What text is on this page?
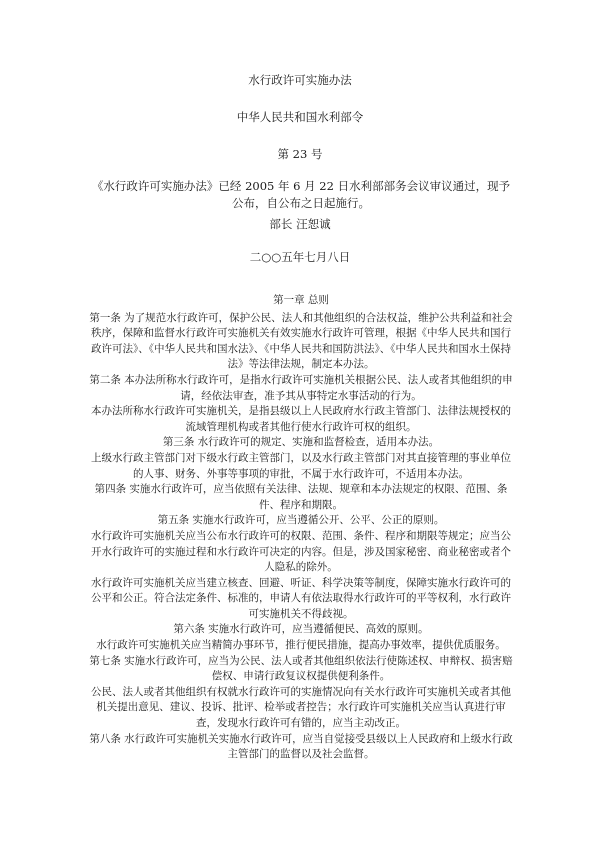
水行政许可实施办法
中华人民共和国水利部令
第 23 号
《水行政许可实施办法》已经 2005 年 6 月 22 日水利部部务会议审议通过，现予公布，自公布之日起施行。
部长 汪恕诚
二○○五年七月八日

第一章 总则

第一条 为了规范水行政许可，保护公民、法人和其他组织的合法权益，维护公共利益和社会秩序，保障和监督水行政许可实施机关有效实施水行政许可管理，根据《中华人民共和国行政许可法》、《中华人民共和国水法》、《中华人民共和国防洪法》、《中华人民共和国水土保持法》等法律法规，制定本办法。

第二条 本办法所称水行政许可，是指水行政许可实施机关根据公民、法人或者其他组织的申请，经依法审查，准予其从事特定水事活动的行为。

本办法所称水行政许可实施机关，是指县级以上人民政府水行政主管部门、法律法规授权的流域管理机构或者其他行使水行政许可权的组织。

第三条 水行政许可的规定、实施和监督检查，适用本办法。

上级水行政主管部门对下级水行政主管部门，以及水行政主管部门对其直接管理的事业单位的人事、财务、外事等事项的审批，不属于水行政许可，不适用本办法。

第四条 实施水行政许可，应当依照有关法律、法规、规章和本办法规定的权限、范围、条件、程序和期限。

第五条 实施水行政许可，应当遵循公开、公平、公正的原则。

水行政许可实施机关应当公布水行政许可的权限、范围、条件、程序和期限等规定；应当公开水行政许可的实施过程和水行政许可决定的内容。但是，涉及国家秘密、商业秘密或者个人隐私的除外。

水行政许可实施机关应当建立核查、回避、听证、科学决策等制度，保障实施水行政许可的公平和公正。符合法定条件、标准的，申请人有依法取得水行政许可的平等权利，水行政许可实施机关不得歧视。

第六条 实施水行政许可，应当遵循便民、高效的原则。

水行政许可实施机关应当精简办事环节，推行便民措施，提高办事效率，提供优质服务。

第七条 实施水行政许可，应当为公民、法人或者其他组织依法行使陈述权、申辩权、损害赔偿权、申请行政复议权提供便利条件。

公民、法人或者其他组织有权就水行政许可的实施情况向有关水行政许可实施机关或者其他机关提出意见、建议、投诉、批评、检举或者控告；水行政许可实施机关应当认真进行审查，发现水行政许可有错的，应当主动改正。

第八条 水行政许可实施机关实施水行政许可，应当自觉接受县级以上人民政府和上级水行政主管部门的监督以及社会监督。
